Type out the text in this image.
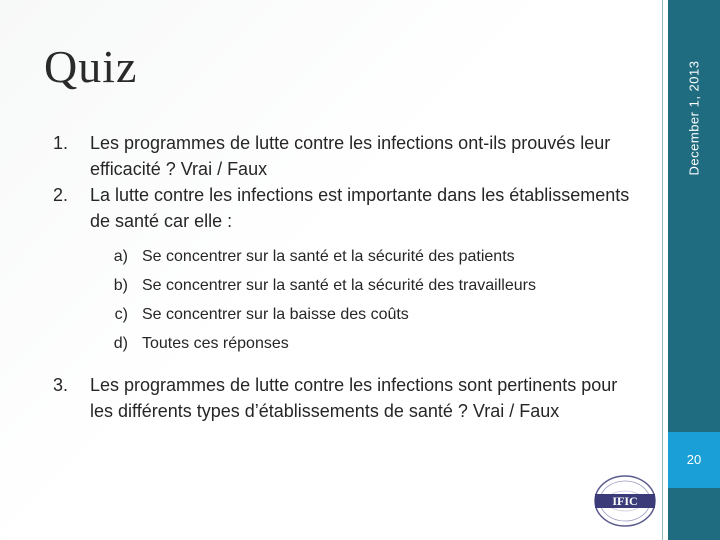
Quiz
1. Les programmes de lutte contre les infections ont-ils prouvés leur efficacité ? Vrai / Faux
2. La lutte contre les infections est importante dans les établissements de santé car elle :
a) Se concentrer sur la santé et la sécurité des patients
b) Se concentrer sur la santé et la sécurité des travailleurs
c) Se concentrer sur la baisse des coûts
d) Toutes ces réponses
3. Les programmes de lutte contre les infections sont pertinents pour les différents types d’établissements de santé ? Vrai / Faux
December 1, 2013
20
IFIC
